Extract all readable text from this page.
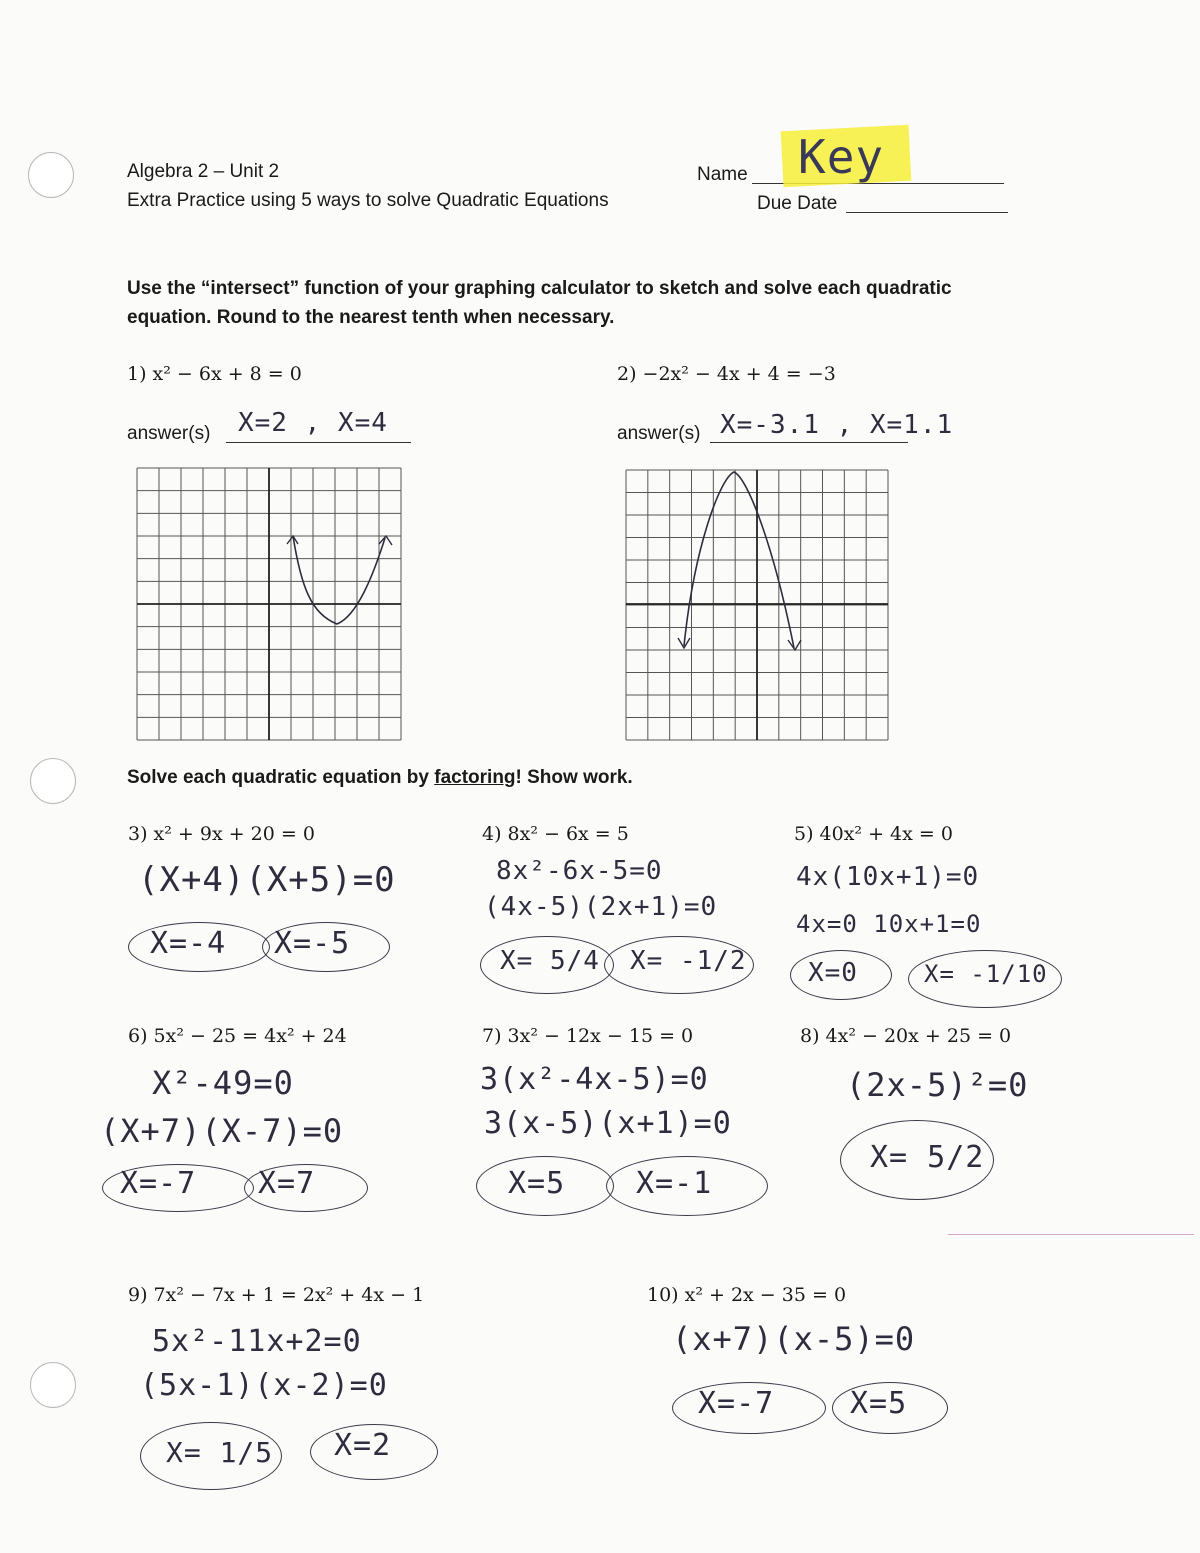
Algebra 2 – Unit 2
Extra Practice using 5 ways to solve Quadratic Equations
Name Key
Due Date
Use the “intersect” function of your graphing calculator to sketch and solve each quadratic equation. Round to the nearest tenth when necessary.
1) x² − 6x + 8 = 0	2) −2x² − 4x + 4 = −3
answer(s) X=2 , X=4	answer(s) X=-3.1 , X=1.1
Solve each quadratic equation by factoring! Show work.
3) x² + 9x + 20 = 0
(X+4)(X+5)=0
X=-4 X=-5
4) 8x² − 6x = 5
8x²-6x-5=0
(4x-5)(2x+1)=0
X= 5/4 X= -1/2
5) 40x² + 4x = 0
4x(10x+1)=0
4x=0 10x+1=0
X=0	X= -1/10
6) 5x² − 25 = 4x² + 24
X²-49=0
(X+7)(X-7)=0
X=-7 X=7
7) 3x² − 12x − 15 = 0
3(x²-4x-5)=0
3(x-5)(x+1)=0
X=5 X=-1
8) 4x² − 20x + 25 = 0
(2x-5)²=0
X= 5/2
9) 7x² − 7x + 1 = 2x² + 4x − 1
5x²-11x+2=0
(5x-1)(x-2)=0
X= 1/5 X=2
10) x² + 2x − 35 = 0
(x+7)(x-5)=0
X=-7	X=5
